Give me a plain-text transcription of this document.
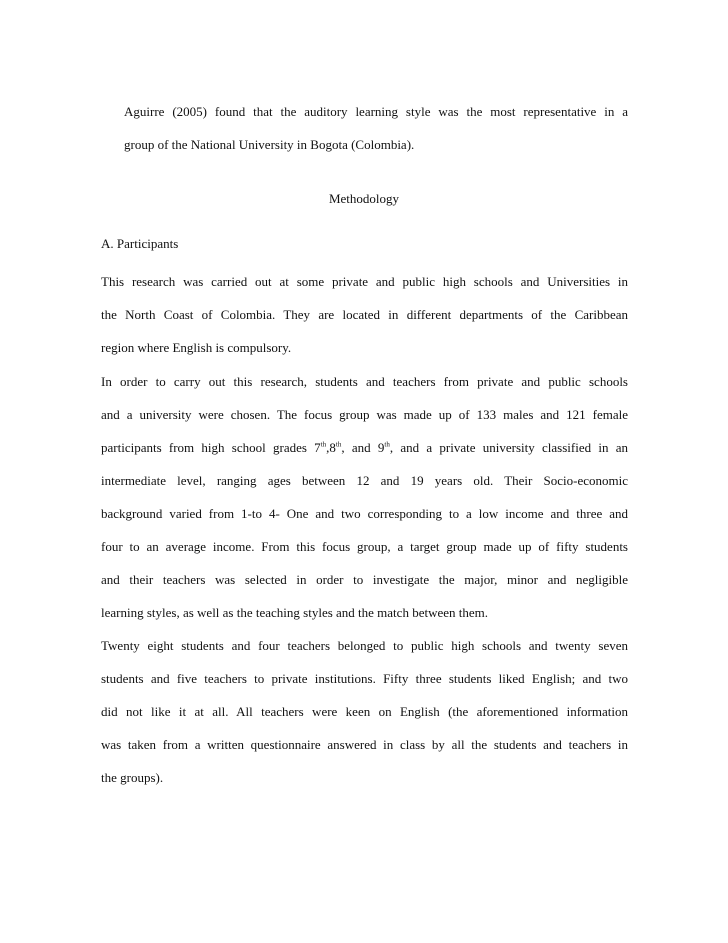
Aguirre (2005) found that the auditory learning style was the most representative in a
group of the National University in Bogota (Colombia).
Methodology
A. Participants
This research was carried out at some private and public high schools and Universities in
the North Coast of Colombia. They are located in different departments of the Caribbean
region where English is compulsory.
In order to carry out this research, students and teachers from private and public schools
and a university were chosen. The focus group was made up of 133 males and 121 female
participants from high school grades 7th,8th, and 9th, and a private university classified in an
intermediate level, ranging ages between 12 and 19 years old. Their Socio-economic
background varied from 1-to 4- One and two corresponding to a low income and three and
four to an average income. From this focus group, a target group made up of fifty students
and their teachers was selected in order to investigate the major, minor and negligible
learning styles, as well as the teaching styles and the match between them.
Twenty eight students and four teachers belonged to public high schools and twenty seven
students and five teachers to private institutions. Fifty three students liked English; and two
did not like it at all. All teachers were keen on English (the aforementioned information
was taken from a written questionnaire answered in class by all the students and teachers in
the groups).
